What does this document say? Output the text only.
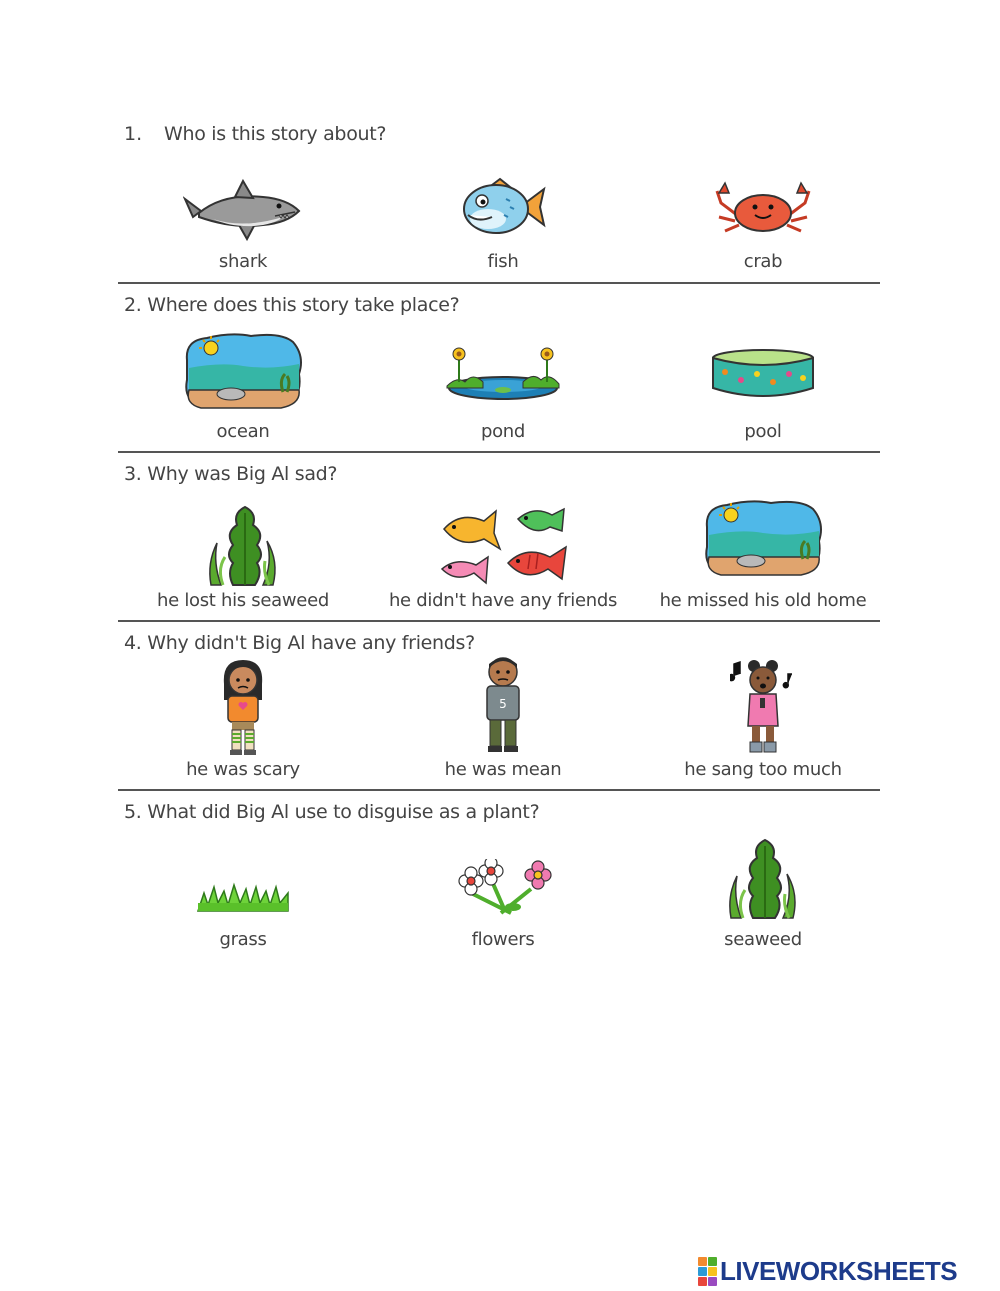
1. Who is this story about?
shark	fish	crab
2. Where does this story take place?
ocean	pond	pool
3. Why was Big Al sad?
he lost his seaweed	he didn't have any friends	he missed his old home
4. Why didn't Big Al have any friends?
5
he was scary	he was mean	he sang too much
5. What did Big Al use to disguise as a plant?
grass	flowers	seaweed
LIVEWORKSHEETS
